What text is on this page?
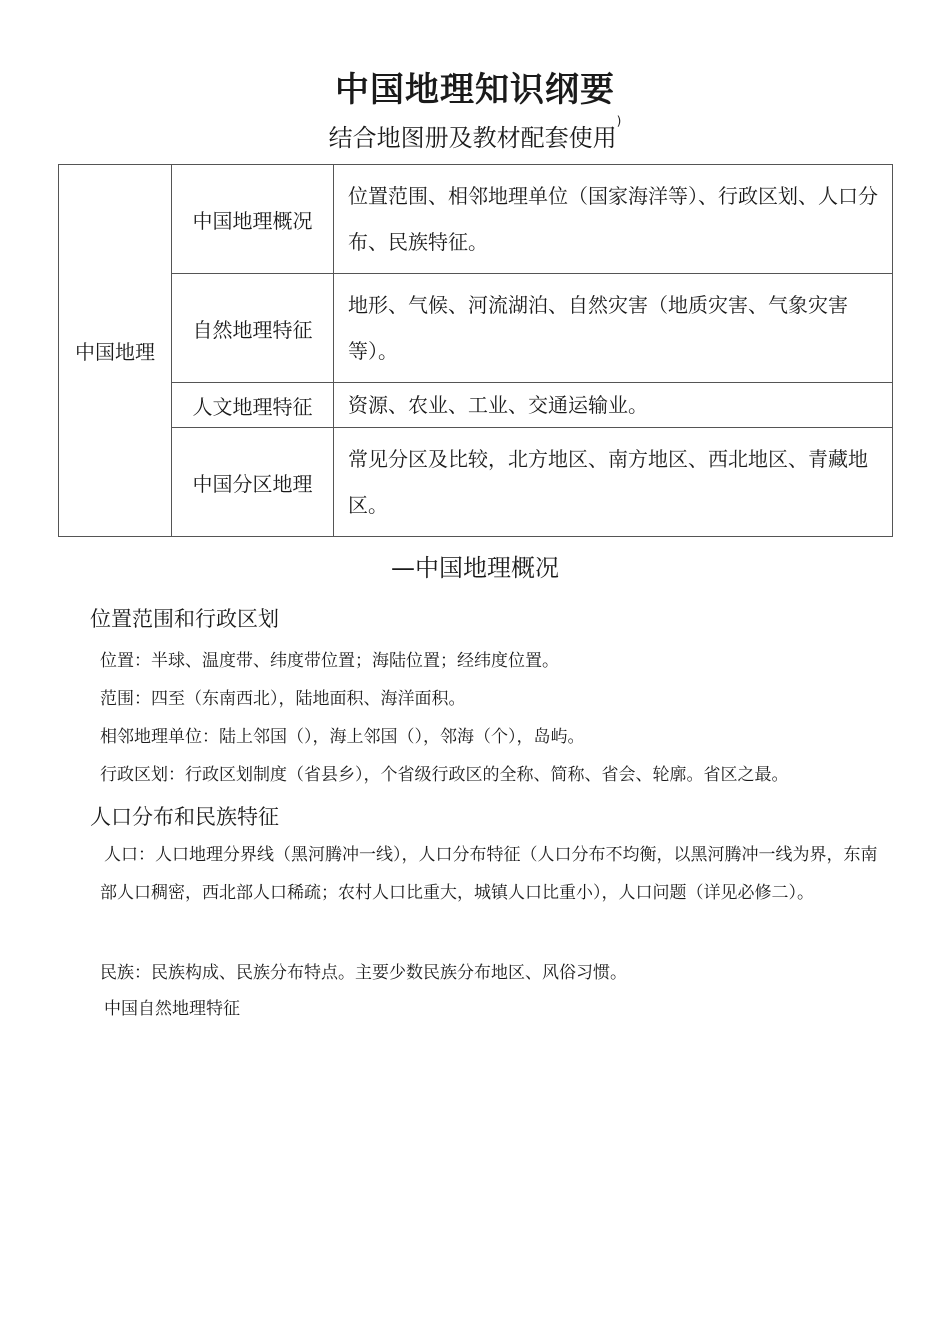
中国地理知识纲要
结合地图册及教材配套使用)
中国地理	中国地理概况	位置范围、相邻地理单位（国家海洋等）、行政区划、人口分布、民族特征。
	自然地理特征	地形、气候、河流湖泊、自然灾害（地质灾害、气象灾害等）。
	人文地理特征	资源、农业、工业、交通运输业。
	中国分区地理	常见分区及比较，北方地区、南方地区、西北地区、青藏地区。
—中国地理概况
位置范围和行政区划
位置：半球、温度带、纬度带位置；海陆位置；经纬度位置。
范围：四至（东南西北），陆地面积、海洋面积。
相邻地理单位：陆上邻国（），海上邻国（），邻海（个），岛屿。
行政区划：行政区划制度（省县乡），个省级行政区的全称、简称、省会、轮廓。省区之最。
人口分布和民族特征
人口：人口地理分界线（黑河腾冲一线），人口分布特征（人口分布不均衡，以黑河腾冲一线为界，东南部人口稠密，西北部人口稀疏；农村人口比重大，城镇人口比重小），人口问题（详见必修二）。
民族：民族构成、民族分布特点。主要少数民族分布地区、风俗习惯。
中国自然地理特征
